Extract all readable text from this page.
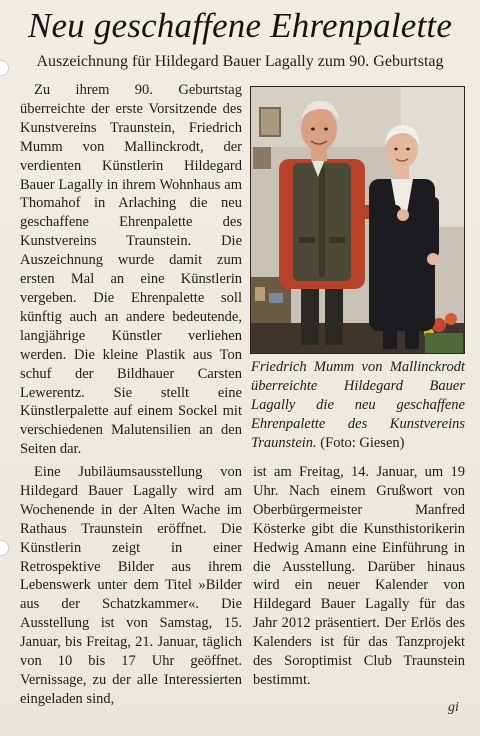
Neu geschaffene Ehrenpalette
Auszeichnung für Hildegard Bauer Lagally zum 90. Geburtstag

Zu ihrem 90. Geburtstag überreichte der erste Vorsitzende des Kunstvereins Traunstein, Friedrich Mumm von Mallinckrodt, der verdienten Künstlerin Hildegard Bauer Lagally in ihrem Wohnhaus am Thomahof in Arlaching die neu geschaffene Ehrenpalette des Kunstvereins Traunstein. Die Auszeichnung wurde damit zum ersten Mal an eine Künstlerin vergeben. Die Ehrenpalette soll künftig auch an andere bedeutende, langjährige Künstler verliehen werden. Die kleine Plastik aus Ton schuf der Bildhauer Carsten Lewerentz. Sie stellt eine Künstlerpalette auf einem Sockel mit verschiedenen Malutensilien an den Seiten dar.

Friedrich Mumm von Mallinckrodt überreichte Hildegard Bauer Lagally die neu geschaffene Ehrenpalette des Kunstvereins Traunstein. (Foto: Giesen)

Eine Jubiläumsausstellung von Hildegard Bauer Lagally wird am Wochenende in der Alten Wache im Rathaus Traunstein eröffnet. Die Künstlerin zeigt in einer Retrospektive Bilder aus ihrem Lebenswerk unter dem Titel »Bilder aus der Schatzkammer«. Die Ausstellung ist von Samstag, 15. Januar, bis Freitag, 21. Januar, täglich von 10 bis 17 Uhr geöffnet. Vernissage, zu der alle Interessierten eingeladen sind,

ist am Freitag, 14. Januar, um 19 Uhr. Nach einem Grußwort von Oberbürgermeister Manfred Kösterke gibt die Kunsthistorikerin Hedwig Amann eine Einführung in die Ausstellung. Darüber hinaus wird ein neuer Kalender von Hildegard Bauer Lagally für das Jahr 2012 präsentiert. Der Erlös des Kalenders ist für das Tanzprojekt des Soroptimist Club Traunstein bestimmt.

gi
